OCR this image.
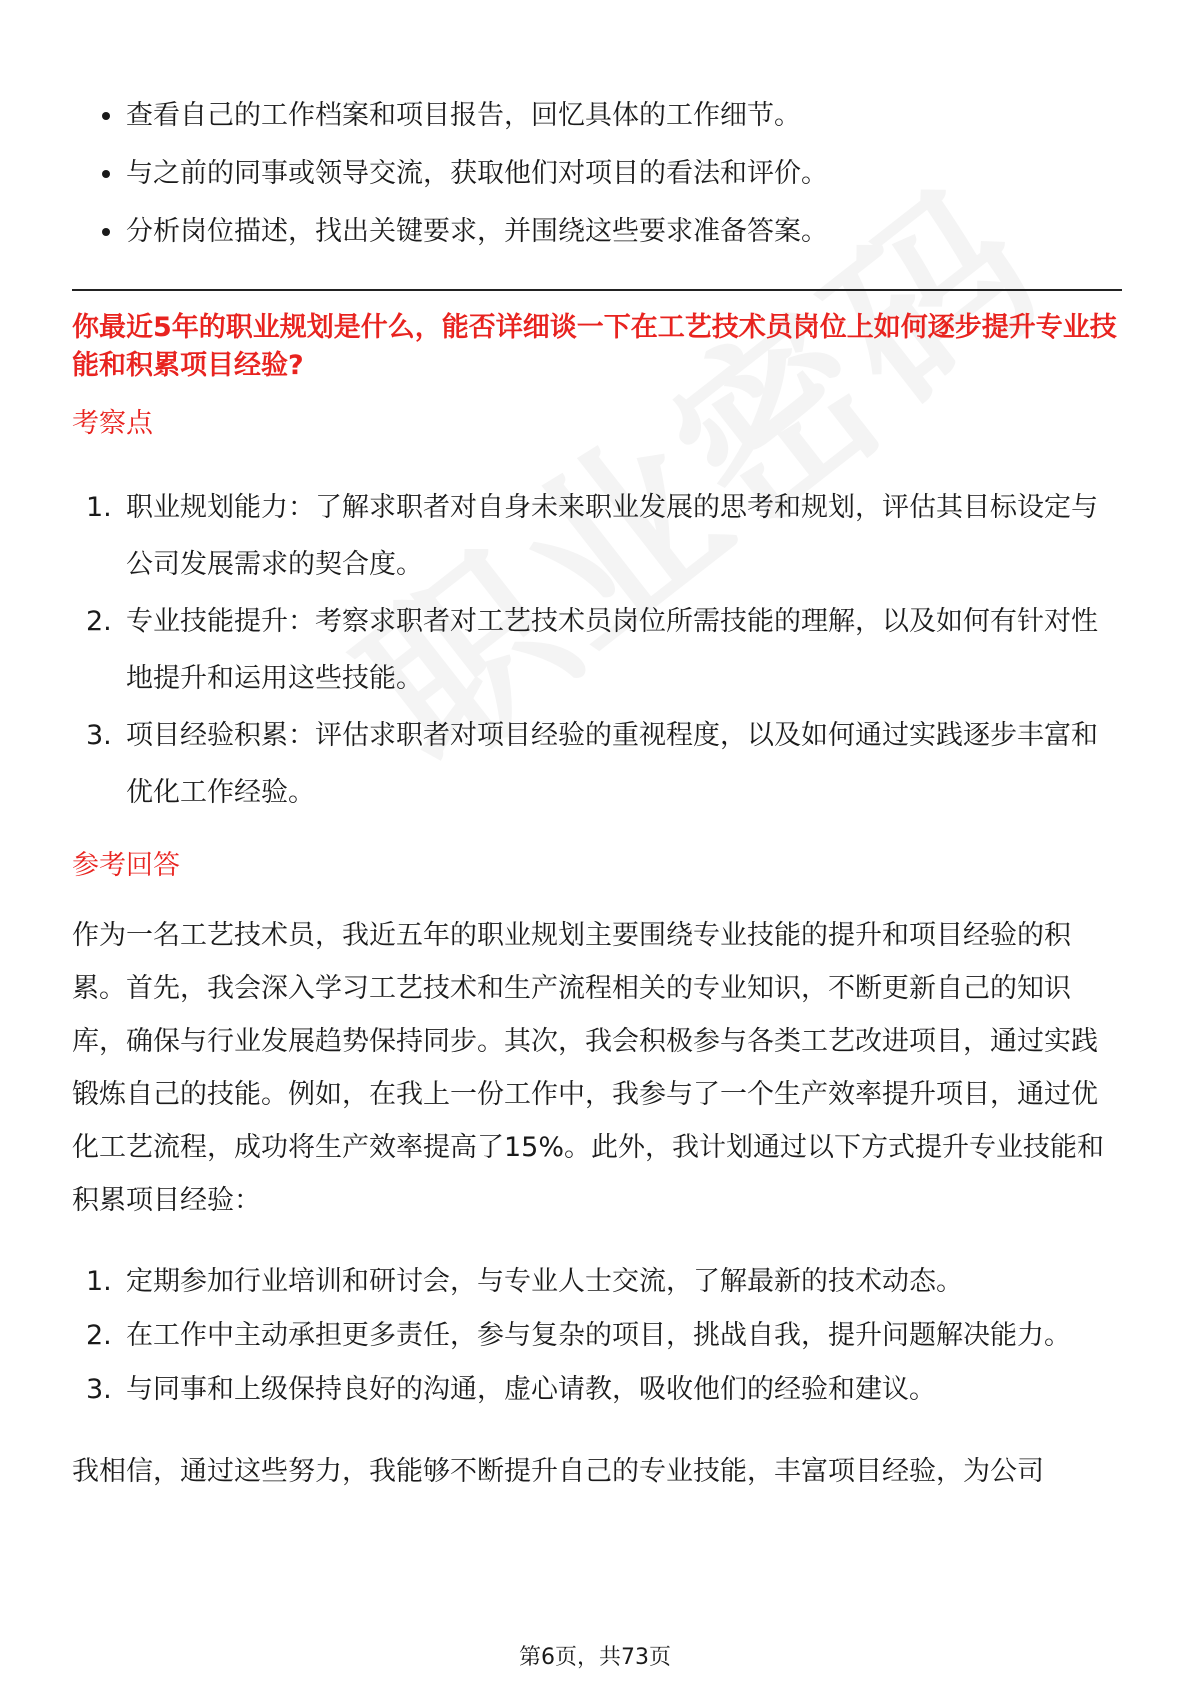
查看自己的工作档案和项目报告，回忆具体的工作细节。
与之前的同事或领导交流，获取他们对项目的看法和评价。
分析岗位描述，找出关键要求，并围绕这些要求准备答案。
你最近5年的职业规划是什么，能否详细谈一下在工艺技术员岗位上如何逐步提升专业技能和积累项目经验?
考察点
1. 职业规划能力：了解求职者对自身未来职业发展的思考和规划，评估其目标设定与公司发展需求的契合度。
2. 专业技能提升：考察求职者对工艺技术员岗位所需技能的理解，以及如何有针对性地提升和运用这些技能。
3. 项目经验积累：评估求职者对项目经验的重视程度，以及如何通过实践逐步丰富和优化工作经验。
参考回答
作为一名工艺技术员，我近五年的职业规划主要围绕专业技能的提升和项目经验的积累。首先，我会深入学习工艺技术和生产流程相关的专业知识，不断更新自己的知识库，确保与行业发展趋势保持同步。其次，我会积极参与各类工艺改进项目，通过实践锻炼自己的技能。例如，在我上一份工作中，我参与了一个生产效率提升项目，通过优化工艺流程，成功将生产效率提高了15%。此外，我计划通过以下方式提升专业技能和积累项目经验：
1. 定期参加行业培训和研讨会，与专业人士交流，了解最新的技术动态。
2. 在工作中主动承担更多责任，参与复杂的项目，挑战自我，提升问题解决能力。
3. 与同事和上级保持良好的沟通，虚心请教，吸收他们的经验和建议。
我相信，通过这些努力，我能够不断提升自己的专业技能，丰富项目经验，为公司
第6页，共73页
